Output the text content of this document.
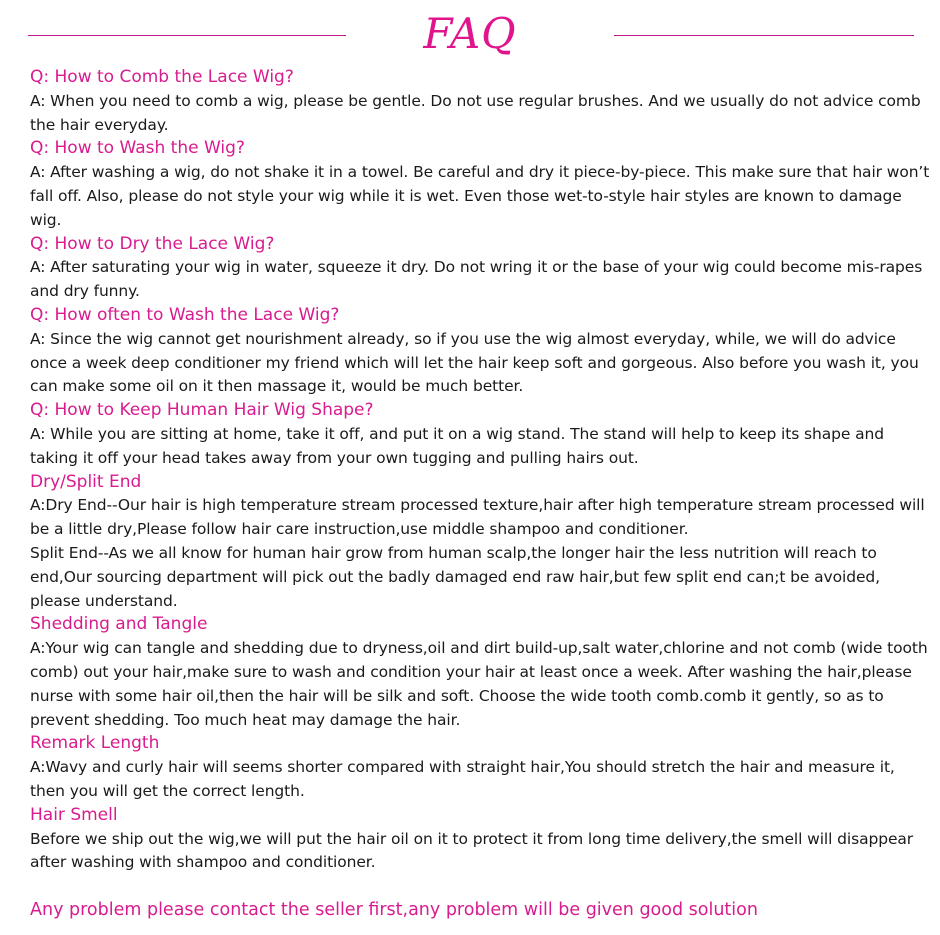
FAQ
Q: How to Comb the Lace Wig?
A: When you need to comb a wig, please be gentle. Do not use regular brushes. And we usually do not advice comb the hair everyday.
Q: How to Wash the Wig?
A: After washing a wig, do not shake it in a towel. Be careful and dry it piece-by-piece. This make sure that hair won’t fall off. Also, please do not style your wig while it is wet. Even those wet-to-style hair styles are known to damage wig.
Q: How to Dry the Lace Wig?
A: After saturating your wig in water, squeeze it dry. Do not wring it or the base of your wig could become mis-rapes and dry funny.
Q: How often to Wash the Lace Wig?
A: Since the wig cannot get nourishment already, so if you use the wig almost everyday, while, we will do advice once a week deep conditioner my friend which will let the hair keep soft and gorgeous. Also before you wash it, you can make some oil on it then massage it, would be much better.
Q: How to Keep Human Hair Wig Shape?
A: While you are sitting at home, take it off, and put it on a wig stand. The stand will help to keep its shape and taking it off your head takes away from your own tugging and pulling hairs out.
Dry/Split End
A:Dry End--Our hair is high temperature stream processed texture,hair after high temperature stream processed will be a little dry,Please follow hair care instruction,use middle shampoo and conditioner.
Split End--As we all know for human hair grow from human scalp,the longer hair the less nutrition will reach to end,Our sourcing department will pick out the badly damaged end raw hair,but few split end can;t be avoided, please understand.
Shedding and Tangle
A:Your wig can tangle and shedding due to dryness,oil and dirt build-up,salt water,chlorine and not comb (wide tooth comb) out your hair,make sure to wash and condition your hair at least once a week. After washing the hair,please nurse with some hair oil,then the hair will be silk and soft. Choose the wide tooth comb.comb it gently, so as to prevent shedding. Too much heat may damage the hair.
Remark Length
A:Wavy and curly hair will seems shorter compared with straight hair,You should stretch the hair and measure it, then you will get the correct length.
Hair Smell
Before we ship out the wig,we will put the hair oil on it to protect it from long time delivery,the smell will disappear after washing with shampoo and conditioner.
Any problem please contact the seller first,any problem will be given good solution
